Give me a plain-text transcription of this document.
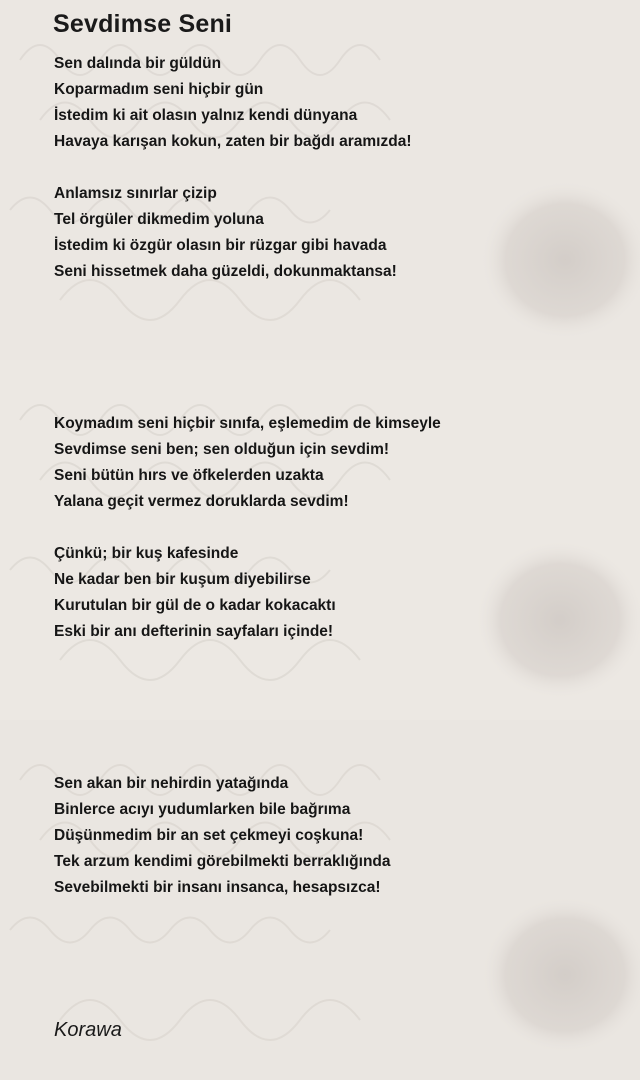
Sevdimse Seni

Sen dalında bir güldün
Koparmadım seni hiçbir gün
İstedim ki ait olasın yalnız kendi dünyana
Havaya karışan kokun, zaten bir bağdı aramızda!

Anlamsız sınırlar çizip
Tel örgüler dikmedim yoluna
İstedim ki özgür olasın bir rüzgar gibi havada
Seni hissetmek daha güzeldi, dokunmaktansa!

Koymadım seni hiçbir sınıfa, eşlemedim de kimseyle
Sevdimse seni ben; sen olduğun için sevdim!
Seni bütün hırs ve öfkelerden uzakta
Yalana geçit vermez doruklarda sevdim!

Çünkü; bir kuş kafesinde
Ne kadar ben bir kuşum diyebilirse
Kurutulan bir gül de o kadar kokacaktı
Eski bir anı defterinin sayfaları içinde!

Sen akan bir nehirdin yatağında
Binlerce acıyı yudumlarken bile bağrıma
Düşünmedim bir an set çekmeyi coşkuna!
Tek arzum kendimi görebilmekti berraklığında
Sevebilmekti bir insanı insanca, hesapsızca!

Korawa
